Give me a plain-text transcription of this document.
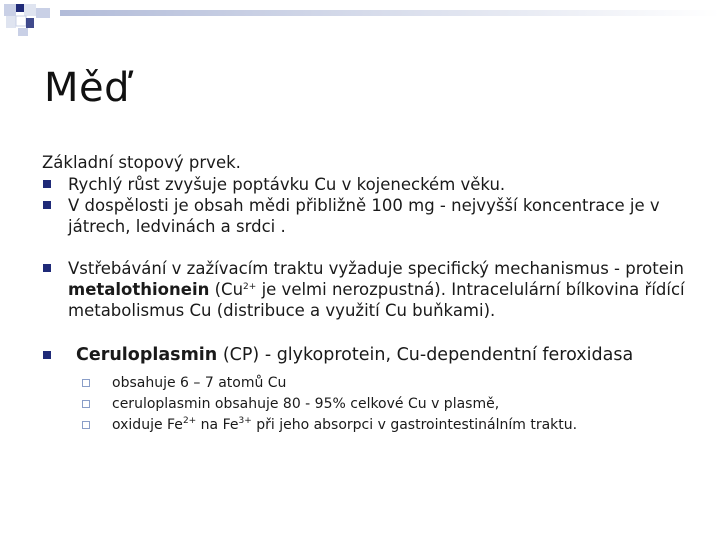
Měď
Základní stopový prvek.
Rychlý růst zvyšuje poptávku Cu v kojeneckém věku.
V dospělosti je obsah mědi přibližně 100 mg - nejvyšší koncentrace je v játrech, ledvinách a srdci .
Vstřebávání v zažívacím traktu vyžaduje specifický mechanismus - protein metalothionein ($Cu^{2+}$ je velmi nerozpustná). Intracelulární bílkovina řídící metabolismus Cu (distribuce a využití Cu buňkami).
Ceruloplasmin (CP) - glykoprotein, Cu-dependentní feroxidasa
obsahuje 6 – 7 atomů Cu
ceruloplasmin obsahuje 80 - 95% celkové Cu v plasmě,
oxiduje $Fe^{2+}$ na $Fe^{3+}$ při jeho absorpci v gastrointestinálním traktu.
